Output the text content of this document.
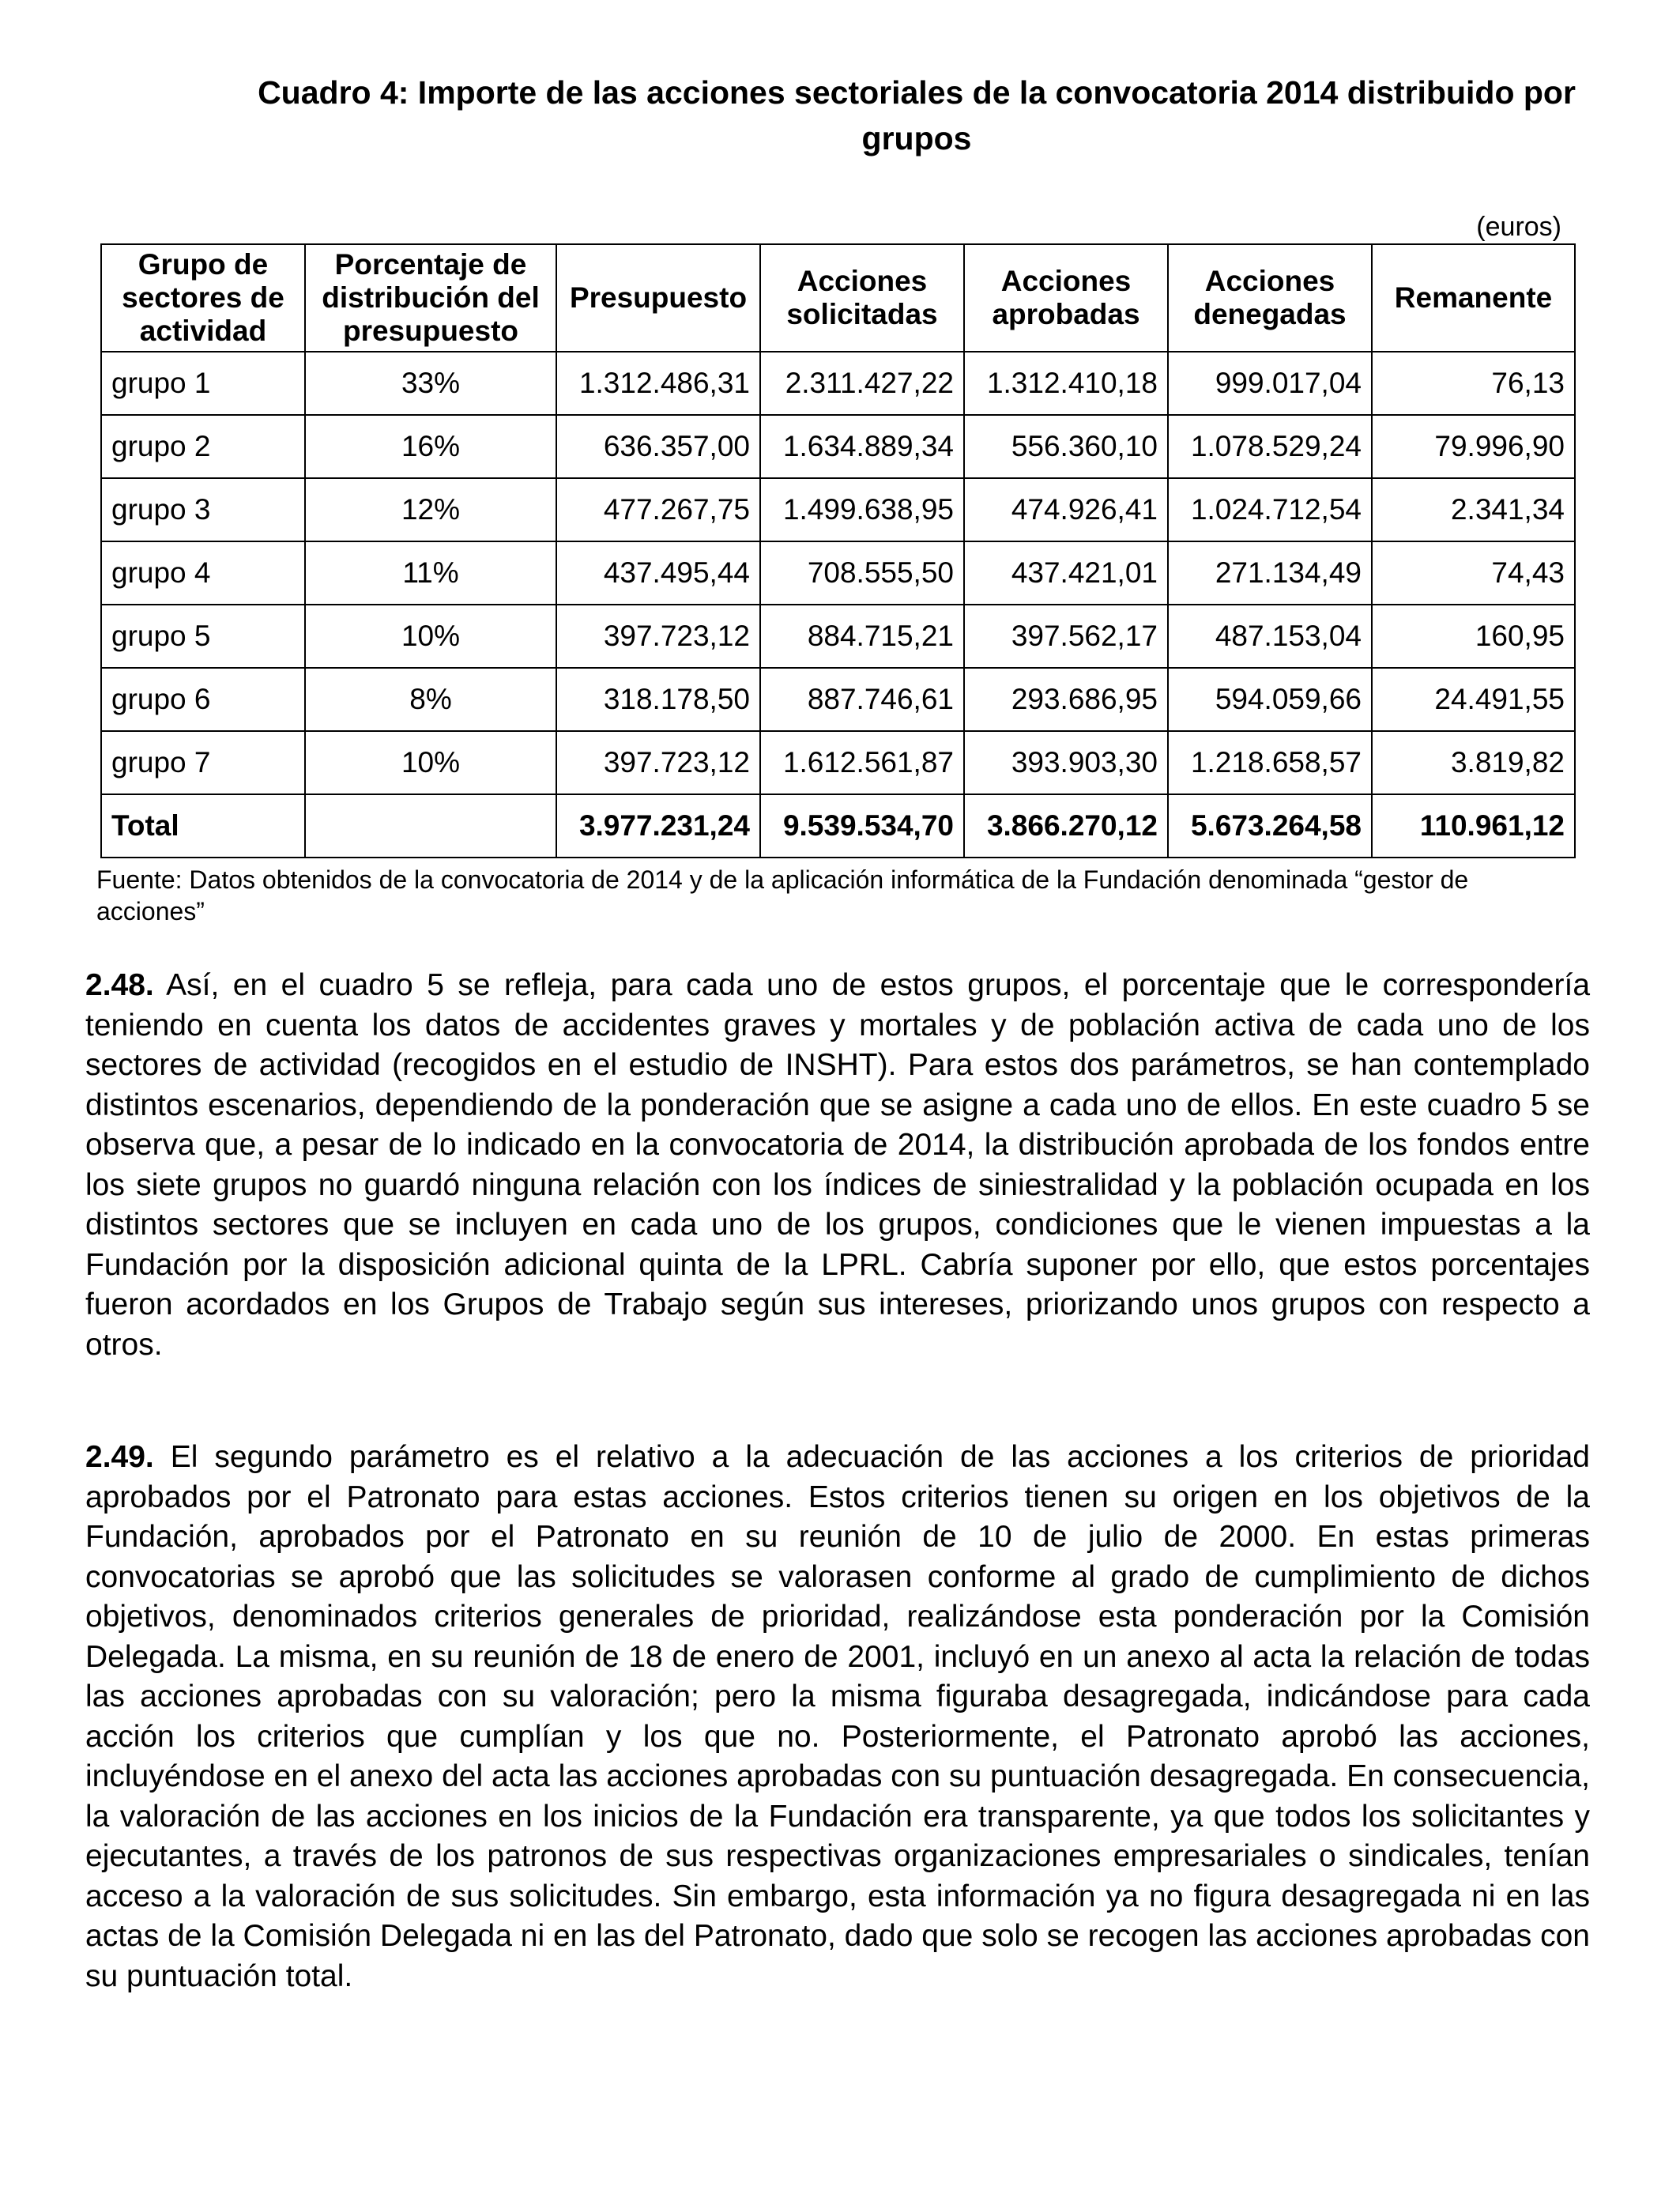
Cuadro 4: Importe de las acciones sectoriales de la convocatoria 2014 distribuido por grupos
(euros)
Grupo de sectores de actividad	Porcentaje de distribución del presupuesto	Presupuesto	Acciones solicitadas	Acciones aprobadas	Acciones denegadas	Remanente
grupo 1	33%	1.312.486,31	2.311.427,22	1.312.410,18	999.017,04	76,13
grupo 2	16%	636.357,00	1.634.889,34	556.360,10	1.078.529,24	79.996,90
grupo 3	12%	477.267,75	1.499.638,95	474.926,41	1.024.712,54	2.341,34
grupo 4	11%	437.495,44	708.555,50	437.421,01	271.134,49	74,43
grupo 5	10%	397.723,12	884.715,21	397.562,17	487.153,04	160,95
grupo 6	8%	318.178,50	887.746,61	293.686,95	594.059,66	24.491,55
grupo 7	10%	397.723,12	1.612.561,87	393.903,30	1.218.658,57	3.819,82
Total		3.977.231,24	9.539.534,70	3.866.270,12	5.673.264,58	110.961,12
Fuente: Datos obtenidos de la convocatoria de 2014 y de la aplicación informática de la Fundación denominada “gestor de acciones”
2.48. Así, en el cuadro 5 se refleja, para cada uno de estos grupos, el porcentaje que le correspondería teniendo en cuenta los datos de accidentes graves y mortales y de población activa de cada uno de los sectores de actividad (recogidos en el estudio de INSHT). Para estos dos parámetros, se han contemplado distintos escenarios, dependiendo de la ponderación que se asigne a cada uno de ellos. En este cuadro 5 se observa que, a pesar de lo indicado en la convocatoria de 2014, la distribución aprobada de los fondos entre los siete grupos no guardó ninguna relación con los índices de siniestralidad y la población ocupada en los distintos sectores que se incluyen en cada uno de los grupos, condiciones que le vienen impuestas a la Fundación por la disposición adicional quinta de la LPRL. Cabría suponer por ello, que estos porcentajes fueron acordados en los Grupos de Trabajo según sus intereses, priorizando unos grupos con respecto a otros.
2.49. El segundo parámetro es el relativo a la adecuación de las acciones a los criterios de prioridad aprobados por el Patronato para estas acciones. Estos criterios tienen su origen en los objetivos de la Fundación, aprobados por el Patronato en su reunión de 10 de julio de 2000. En estas primeras convocatorias se aprobó que las solicitudes se valorasen conforme al grado de cumplimiento de dichos objetivos, denominados criterios generales de prioridad, realizándose esta ponderación por la Comisión Delegada. La misma, en su reunión de 18 de enero de 2001, incluyó en un anexo al acta la relación de todas las acciones aprobadas con su valoración; pero la misma figuraba desagregada, indicándose para cada acción los criterios que cumplían y los que no. Posteriormente, el Patronato aprobó las acciones, incluyéndose en el anexo del acta las acciones aprobadas con su puntuación desagregada. En consecuencia, la valoración de las acciones en los inicios de la Fundación era transparente, ya que todos los solicitantes y ejecutantes, a través de los patronos de sus respectivas organizaciones empresariales o sindicales, tenían acceso a la valoración de sus solicitudes. Sin embargo, esta información ya no figura desagregada ni en las actas de la Comisión Delegada ni en las del Patronato, dado que solo se recogen las acciones aprobadas con su puntuación total.
